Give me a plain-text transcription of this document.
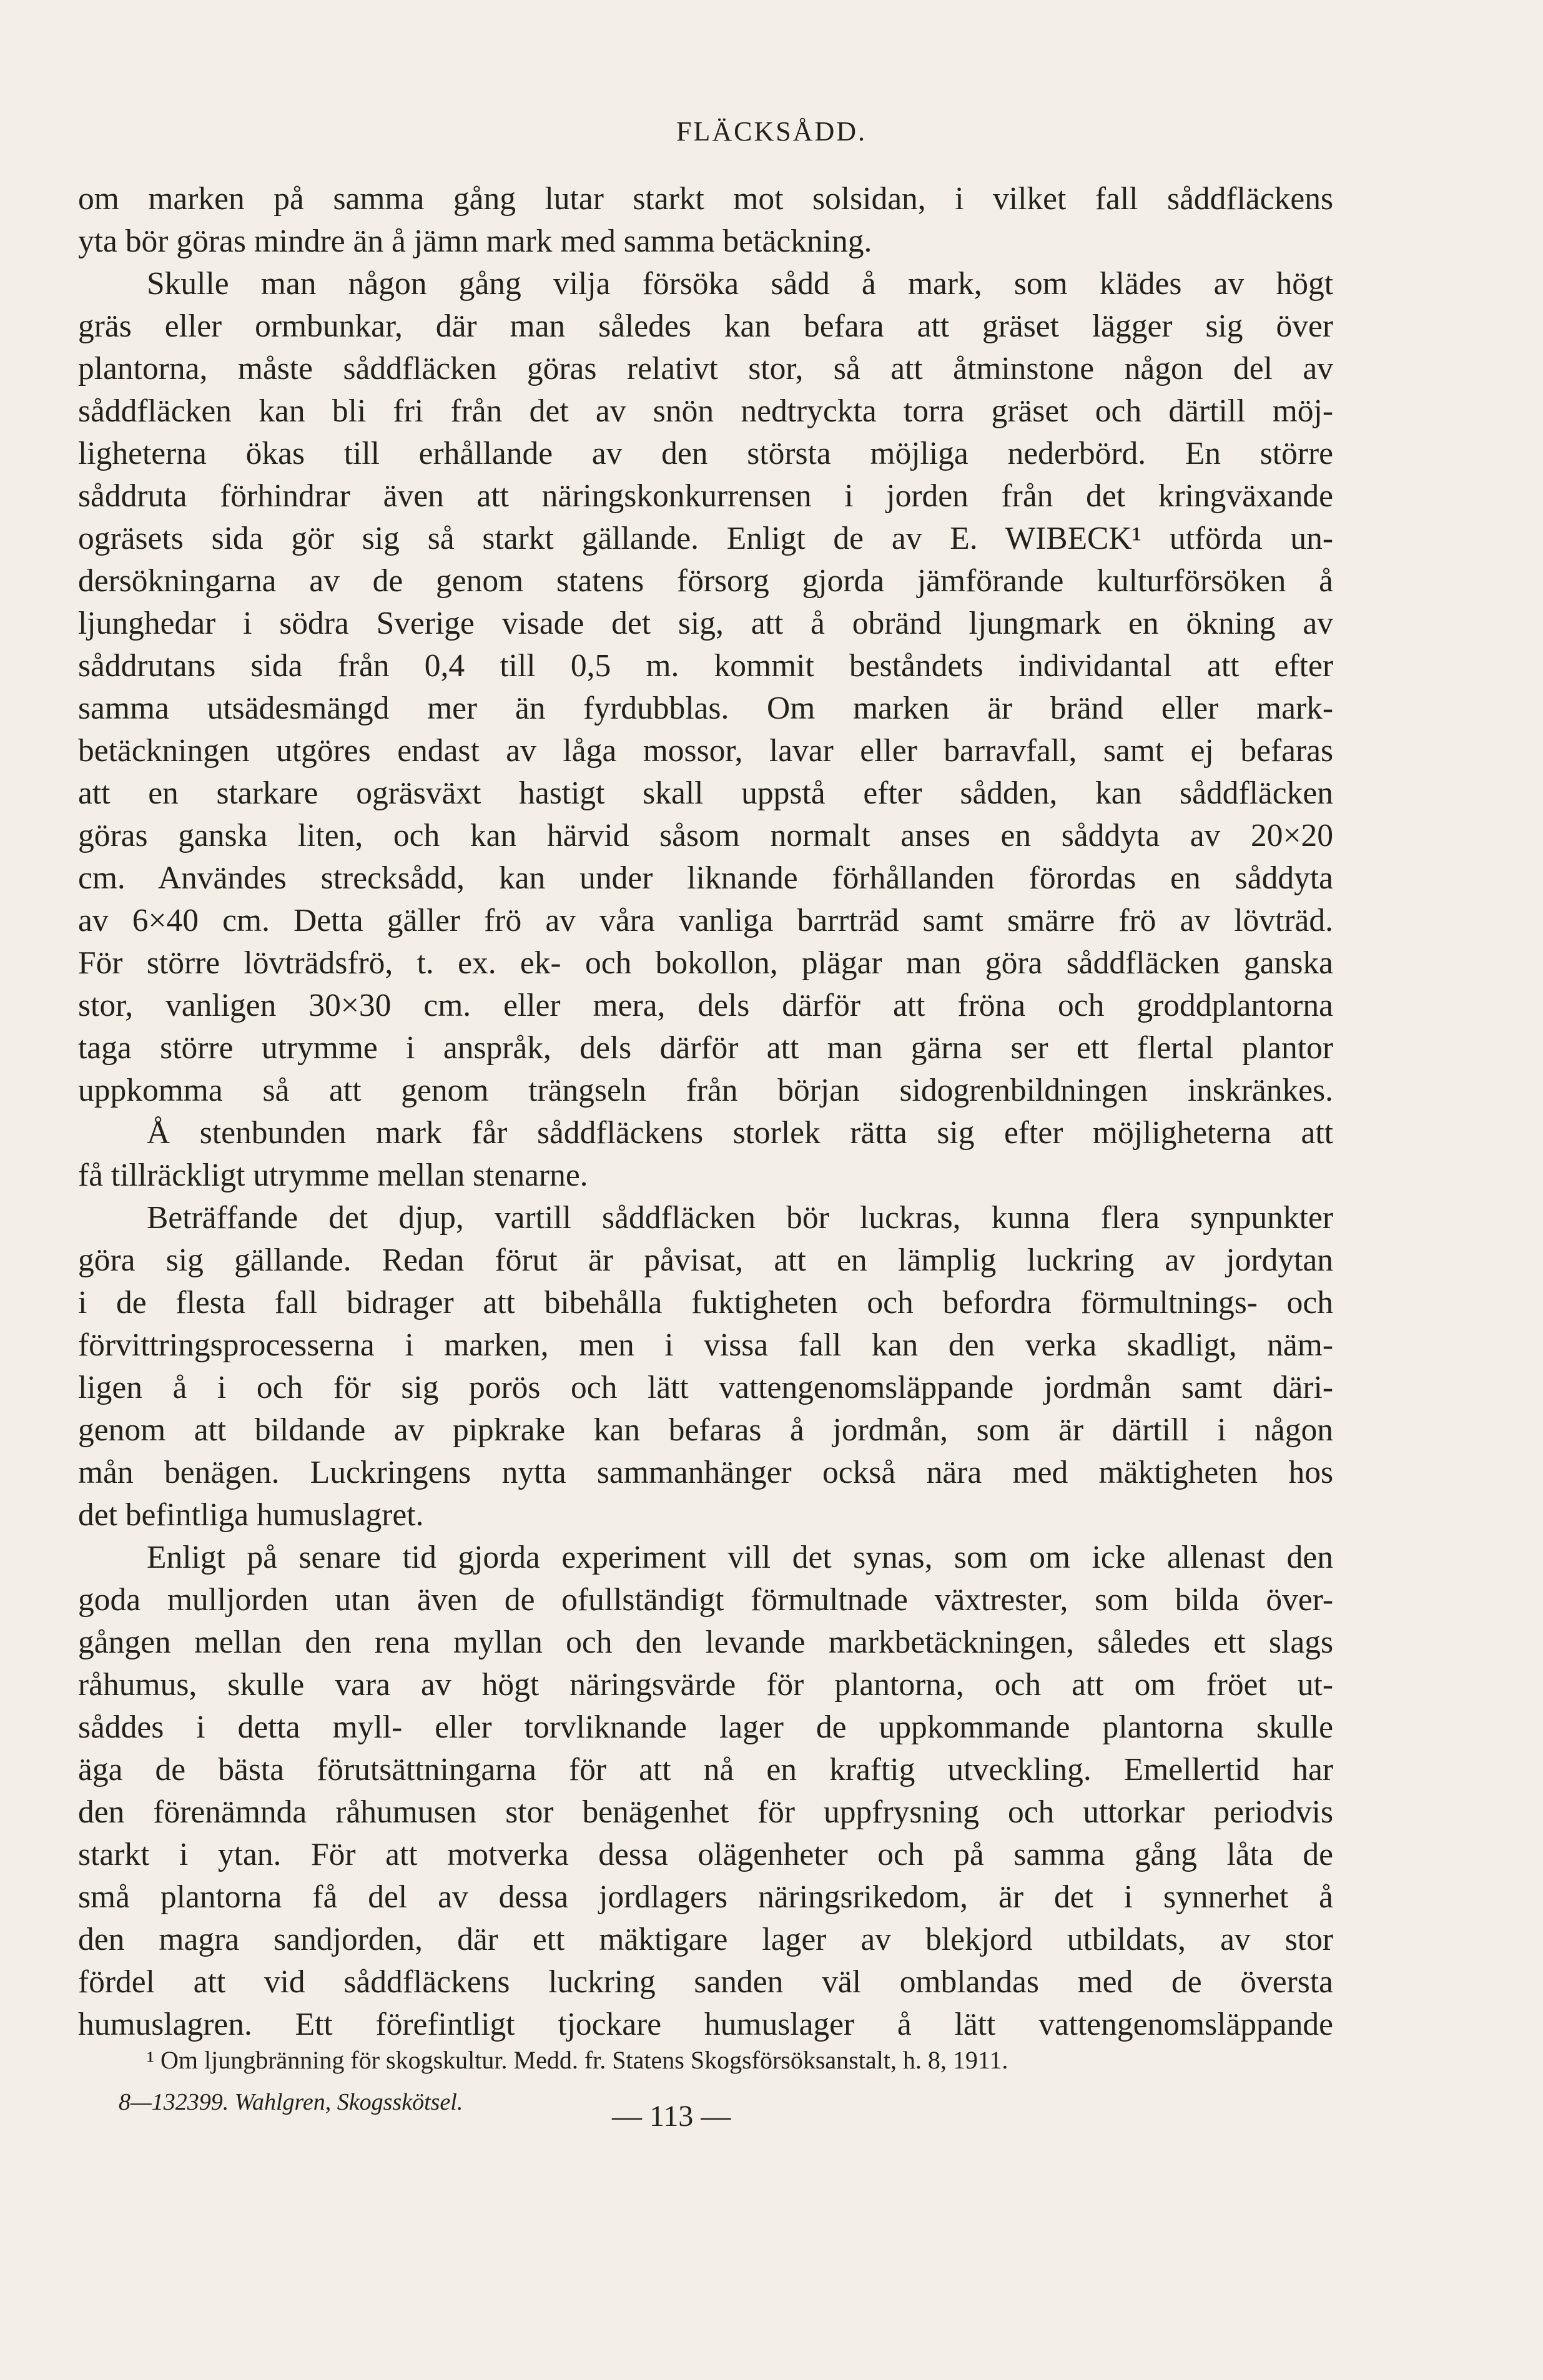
FLÄCKSÅDD.
om marken på samma gång lutar starkt mot solsidan, i vilket fall såddfläckens
yta bör göras mindre än å jämn mark med samma betäckning.
Skulle man någon gång vilja försöka sådd å mark, som klädes av högt
gräs eller ormbunkar, där man således kan befara att gräset lägger sig över
plantorna, måste såddfläcken göras relativt stor, så att åtminstone någon del av
såddfläcken kan bli fri från det av snön nedtryckta torra gräset och därtill möj-
ligheterna ökas till erhållande av den största möjliga nederbörd. En större
såddruta förhindrar även att näringskonkurrensen i jorden från det kringväxande
ogräsets sida gör sig så starkt gällande. Enligt de av E. WIBECK¹ utförda un-
dersökningarna av de genom statens försorg gjorda jämförande kulturförsöken å
ljunghedar i södra Sverige visade det sig, att å obränd ljungmark en ökning av
såddrutans sida från 0,4 till 0,5 m. kommit beståndets individantal att efter
samma utsädesmängd mer än fyrdubblas. Om marken är bränd eller mark-
betäckningen utgöres endast av låga mossor, lavar eller barravfall, samt ej befaras
att en starkare ogräsväxt hastigt skall uppstå efter sådden, kan såddfläcken
göras ganska liten, och kan härvid såsom normalt anses en såddyta av 20×20
cm. Användes strecksådd, kan under liknande förhållanden förordas en såddyta
av 6×40 cm. Detta gäller frö av våra vanliga barrträd samt smärre frö av lövträd.
För större lövträdsfrö, t. ex. ek- och bokollon, plägar man göra såddfläcken ganska
stor, vanligen 30×30 cm. eller mera, dels därför att fröna och groddplantorna
taga större utrymme i anspråk, dels därför att man gärna ser ett flertal plantor
uppkomma så att genom trängseln från början sidogrenbildningen inskränkes.
Å stenbunden mark får såddfläckens storlek rätta sig efter möjligheterna att
få tillräckligt utrymme mellan stenarne.
Beträffande det djup, vartill såddfläcken bör luckras, kunna flera synpunkter
göra sig gällande. Redan förut är påvisat, att en lämplig luckring av jordytan
i de flesta fall bidrager att bibehålla fuktigheten och befordra förmultnings- och
förvittringsprocesserna i marken, men i vissa fall kan den verka skadligt, näm-
ligen å i och för sig porös och lätt vattengenomsläppande jordmån samt däri-
genom att bildande av pipkrake kan befaras å jordmån, som är därtill i någon
mån benägen. Luckringens nytta sammanhänger också nära med mäktigheten hos
det befintliga humuslagret.
Enligt på senare tid gjorda experiment vill det synas, som om icke allenast den
goda mulljorden utan även de ofullständigt förmultnade växtrester, som bilda över-
gången mellan den rena myllan och den levande markbetäckningen, således ett slags
råhumus, skulle vara av högt näringsvärde för plantorna, och att om fröet ut-
såddes i detta myll- eller torvliknande lager de uppkommande plantorna skulle
äga de bästa förutsättningarna för att nå en kraftig utveckling. Emellertid har
den förenämnda råhumusen stor benägenhet för uppfrysning och uttorkar periodvis
starkt i ytan. För att motverka dessa olägenheter och på samma gång låta de
små plantorna få del av dessa jordlagers näringsrikedom, är det i synnerhet å
den magra sandjorden, där ett mäktigare lager av blekjord utbildats, av stor
fördel att vid såddfläckens luckring sanden väl omblandas med de översta
humuslagren. Ett förefintligt tjockare humuslager å lätt vattengenomsläppande
¹ Om ljungbränning för skogskultur. Medd. fr. Statens Skogsförsöksanstalt, h. 8, 1911.
8—132399. Wahlgren, Skogsskötsel.	— 113 —
